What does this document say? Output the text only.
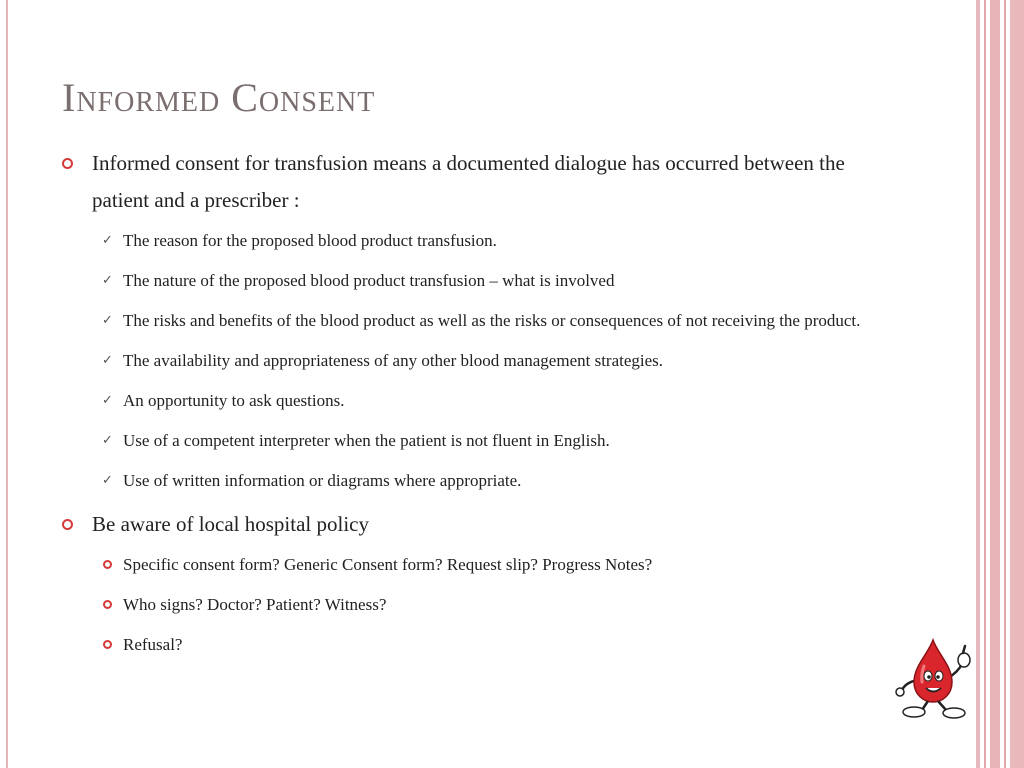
Informed Consent
Informed consent for transfusion means a documented dialogue has occurred between the patient and a prescriber :
✓ The reason for the proposed blood product transfusion.
✓ The nature of the proposed blood product transfusion – what is involved
✓ The risks and benefits of the blood product as well as the risks or consequences of not receiving the product.
✓ The availability and appropriateness of any other blood management strategies.
✓ An opportunity to ask questions.
✓ Use of a competent interpreter when the patient is not fluent in English.
✓ Use of written information or diagrams where appropriate.
Be aware of local hospital policy
Specific consent form? Generic Consent form? Request slip? Progress Notes?
Who signs? Doctor? Patient? Witness?
Refusal?
